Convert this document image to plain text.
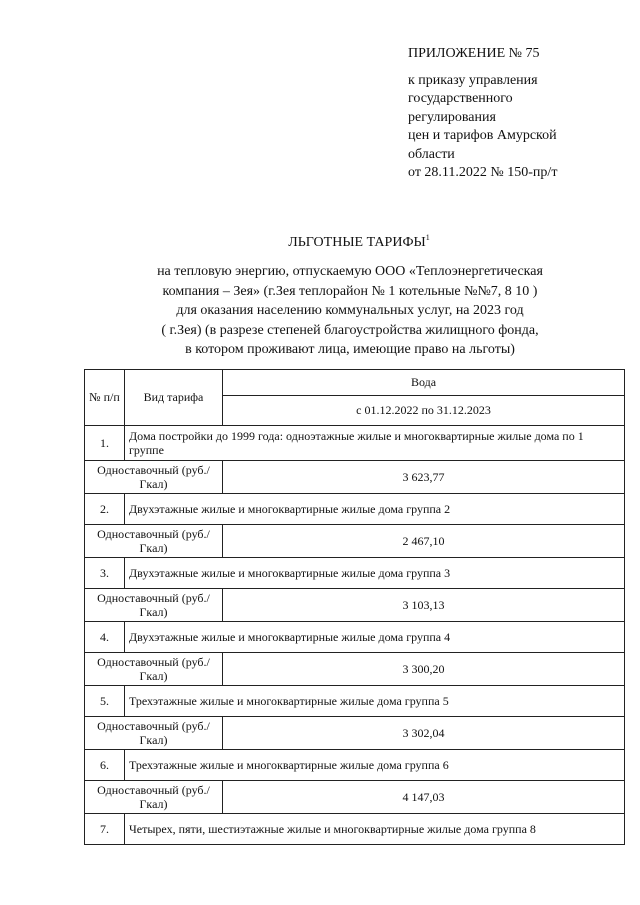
ПРИЛОЖЕНИЕ № 75
к приказу управления
государственного
регулирования
цен и тарифов Амурской
области
от 28.11.2022 № 150-пр/т
ЛЬГОТНЫЕ ТАРИФЫ$^1$
на тепловую энергию, отпускаемую ООО «Теплоэнергетическая
компания – Зея» (г.Зея теплорайон № 1 котельные №№7, 8 10 )
для оказания населению коммунальных услуг, на 2023 год
( г.Зея) (в разрезе степеней благоустройства жилищного фонда,
в котором проживают лица, имеющие право на льготы)
№ п/п	Вид тарифа	Вода
		с 01.12.2022 по 31.12.2023
1.	Дома постройки до 1999 года: одноэтажные жилые и многоквартирные жилые дома по 1 группе	
Одноставочный (руб./Гкал)		3 623,77
2.	Двухэтажные жилые и многоквартирные жилые дома группа 2	
Одноставочный (руб./Гкал)		2 467,10
3.	Двухэтажные жилые и многоквартирные жилые дома группа 3	
Одноставочный (руб./Гкал)		3 103,13
4.	Двухэтажные жилые и многоквартирные жилые дома группа 4	
Одноставочный (руб./Гкал)		3 300,20
5.	Трехэтажные жилые и многоквартирные жилые дома группа 5	
Одноставочный (руб./Гкал)		3 302,04
6.	Трехэтажные жилые и многоквартирные жилые дома группа 6	
Одноставочный (руб./Гкал)		4 147,03
7.	Четырех, пяти, шестиэтажные жилые и многоквартирные жилые дома группа 8	
